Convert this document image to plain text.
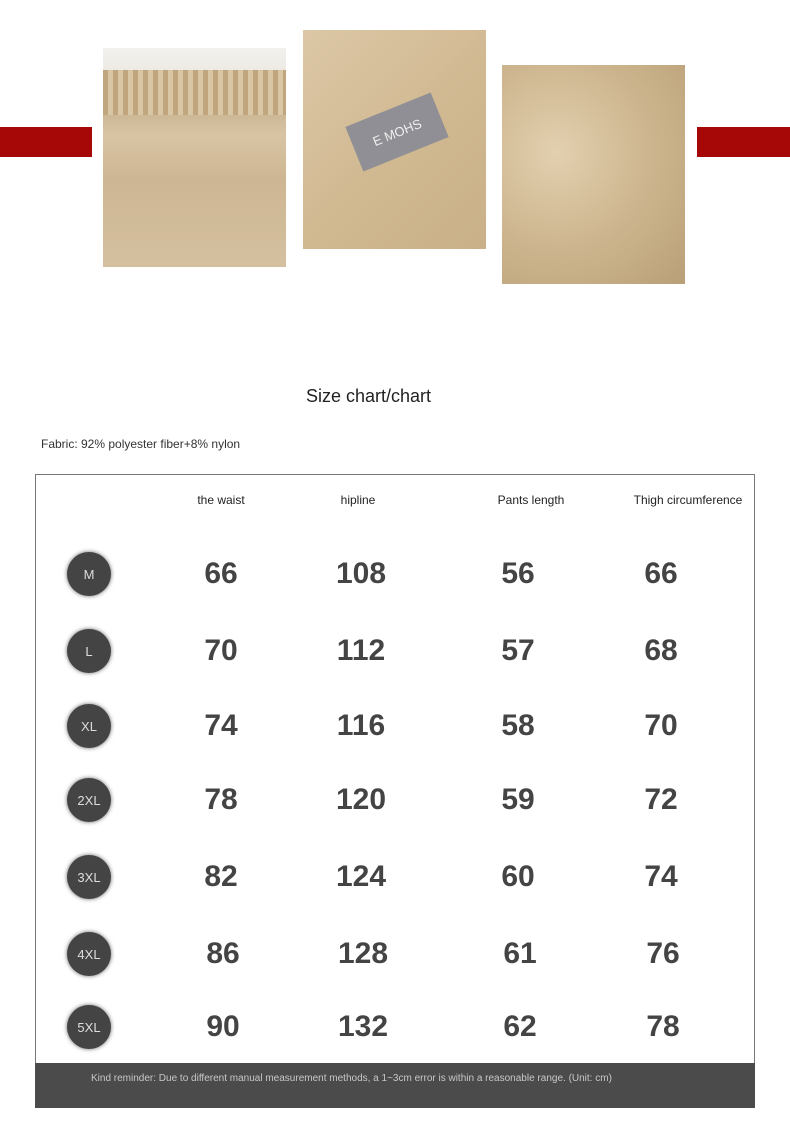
E MOHS
Size chart/chart
Fabric: 92% polyester fiber+8% nylon
the waist	hipline	Pants length	Thigh circumference
Kind reminder: Due to different manual measurement methods, a 1~3cm error is within a reasonable range. (Unit: cm)
M	66	108	56	66
L	70	112	57	68
XL	74	116	58	70
2XL	78	120	59	72
3XL	82	124	60	74
4XL	86	128	61	76
5XL	90	132	62	78
